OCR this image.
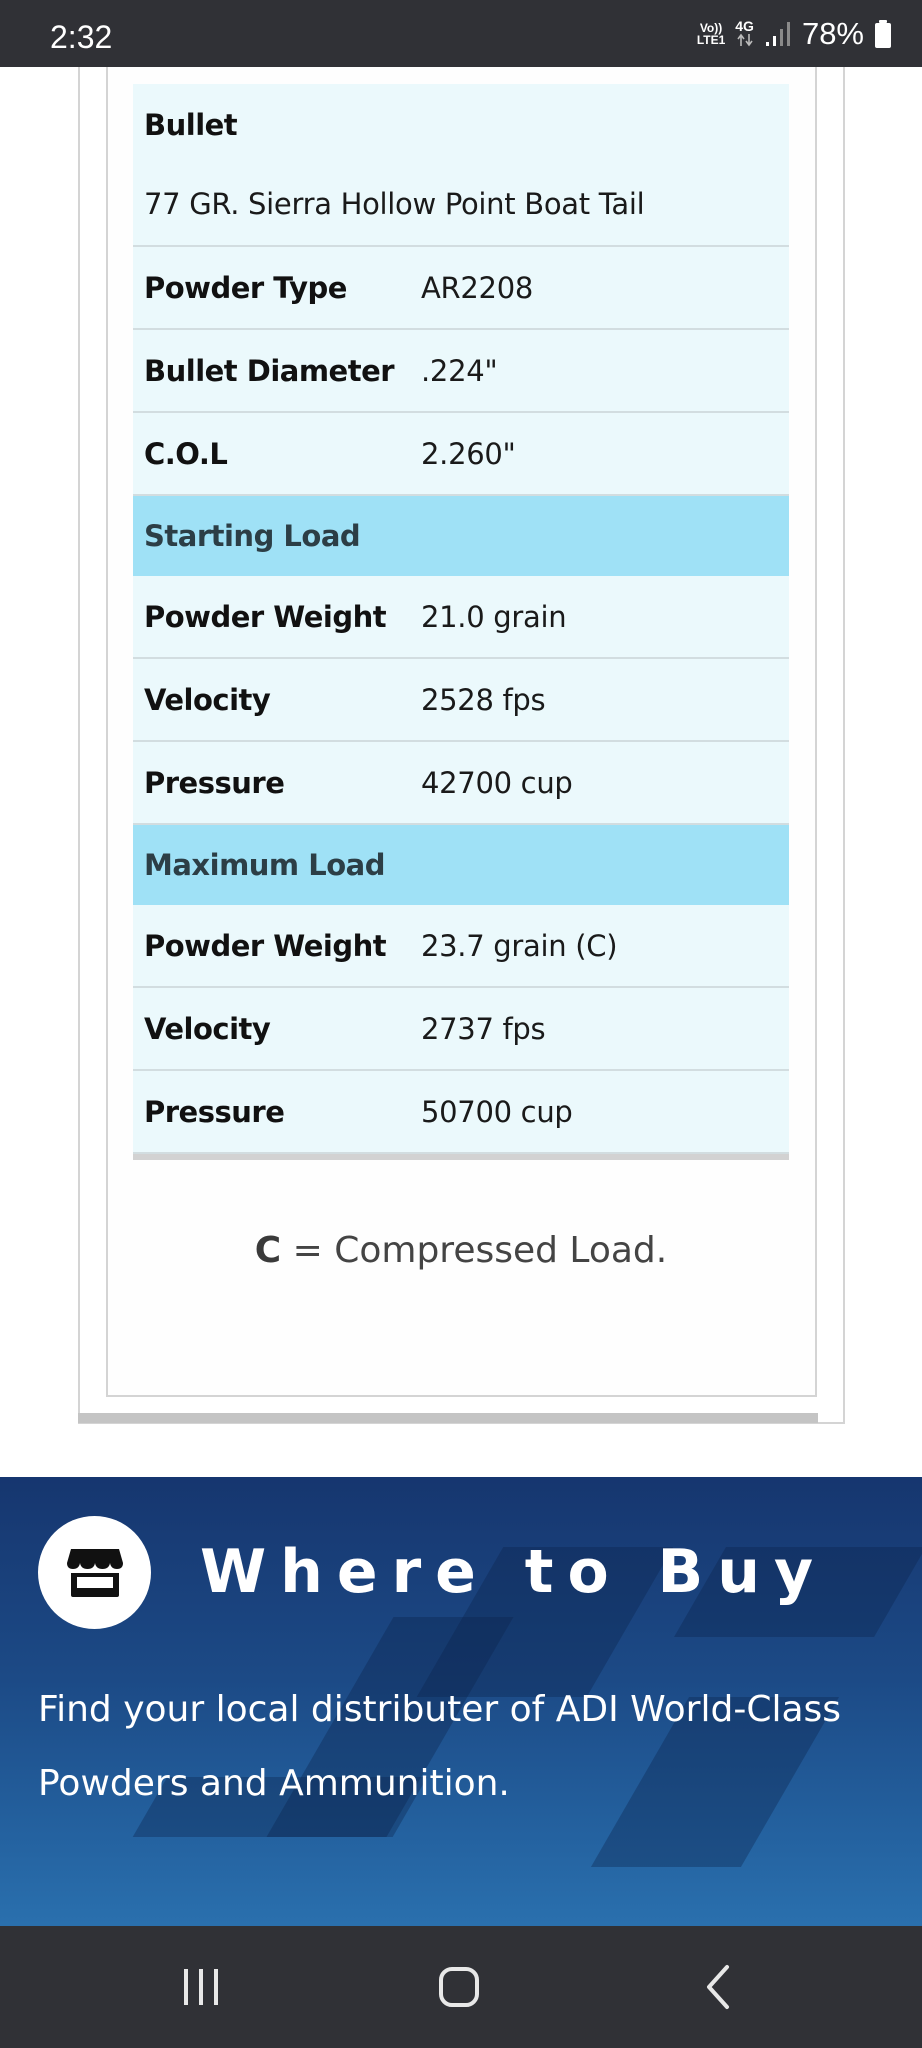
2:32	Vo))
LTE1
4G 78%
Bullet
77 GR. Sierra Hollow Point Boat Tail
Powder Type	AR2208
Bullet Diameter .224"
C.O.L	2.260"
Starting Load
Powder Weight 21.0 grain
Velocity	2528 fps
Pressure	42700 cup
Maximum Load
Powder Weight 23.7 grain (C)
Velocity	2737 fps
Pressure	50700 cup
C = Compressed Load.
Where to Buy
Find your local distributer of ADI World-Class Powders and Ammunition.
